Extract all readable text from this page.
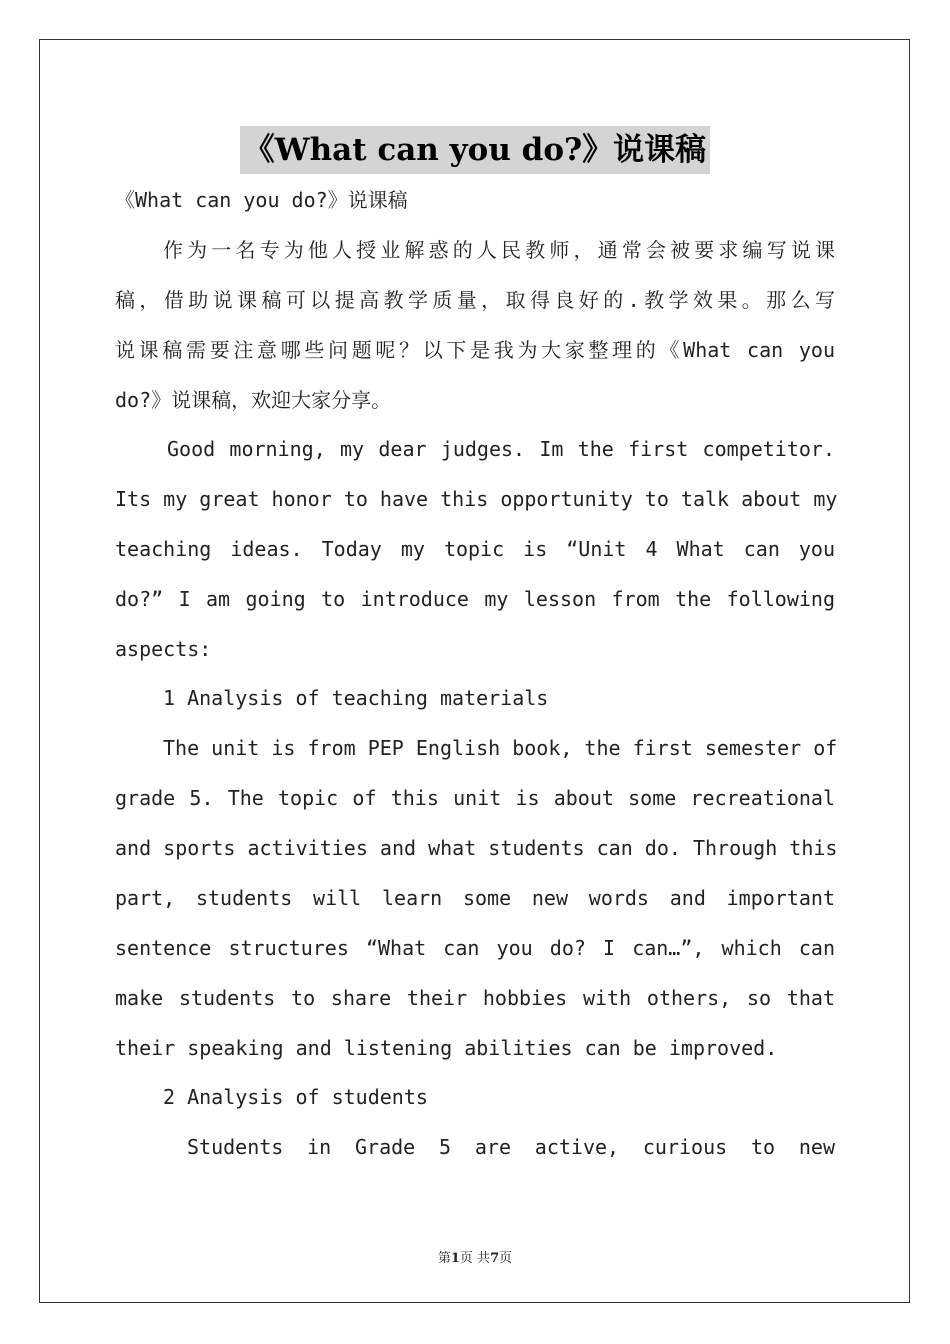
《What can you do?》说课稿

《What can you do?》说课稿

作为一名专为他人授业解惑的人民教师，通常会被要求编写说课

稿，借助说课稿可以提高教学质量，取得良好的.教学效果。那么写

说课稿需要注意哪些问题呢？以下是我为大家整理的《What can you

do?》说课稿，欢迎大家分享。

Good morning, my dear judges. Im the first competitor.

Its my great honor to have this opportunity to talk about my

teaching ideas. Today my topic is “Unit 4 What can you

do?” I am going to introduce my lesson from the following

aspects:

1 Analysis of teaching materials

The unit is from PEP English book, the first semester of

grade 5. The topic of this unit is about some recreational

and sports activities and what students can do. Through this

part, students will learn some new words and important

sentence structures “What can you do? I can…”, which can

make students to share their hobbies with others, so that

their speaking and listening abilities can be improved.

2 Analysis of students

Students in Grade 5 are active, curious to new

第1页 共7页
